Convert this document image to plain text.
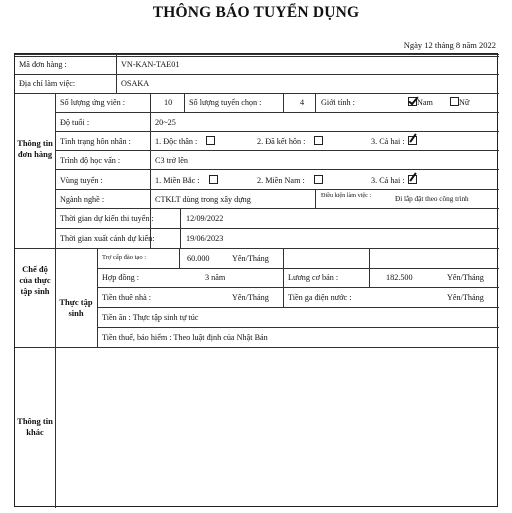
THÔNG BÁO TUYỂN DỤNG
Ngày 12 tháng 8 năm 2022
Mã đơn hàng :	VN-KAN-TAE01
Địa chỉ làm việc:	OSAKA
Thông tin đơn hàng
Số lượng ứng viên :	10 Số lượng tuyển chọn :	4 Giới tính :	Nam	Nữ
Độ tuổi :	20~25
Tình trạng hôn nhân :	1. Độc thân :	2. Đã kết hôn :	3. Cả hai :
Trình độ học vấn :	C3 trở lên
Vùng tuyển :	1. Miền Bắc :	2. Miền Nam :	3. Cả hai :
Ngành nghề :	CTKLT dùng trong xây dựng	Điều kiện làm việc :	Đi lắp đặt theo công trình
Thời gian dự kiến thi tuyển :	12/09/2022
Thời gian xuất cảnh dự kiến:	19/06/2023
Chế độ của thực tập sinh
Thực tập sinh
Trợ cấp đào tạo :	60.000	Yên/Tháng
Hợp đồng :	3 năm	Lương cơ bản :	182.500	Yên/Tháng
Tiền thuê nhà :	Yên/Tháng Tiền ga điện nước :	Yên/Tháng
Tiền ăn : Thực tập sinh tự túc
Tiền thuế, bảo hiểm : Theo luật định của Nhật Bản
Thông tin khác
